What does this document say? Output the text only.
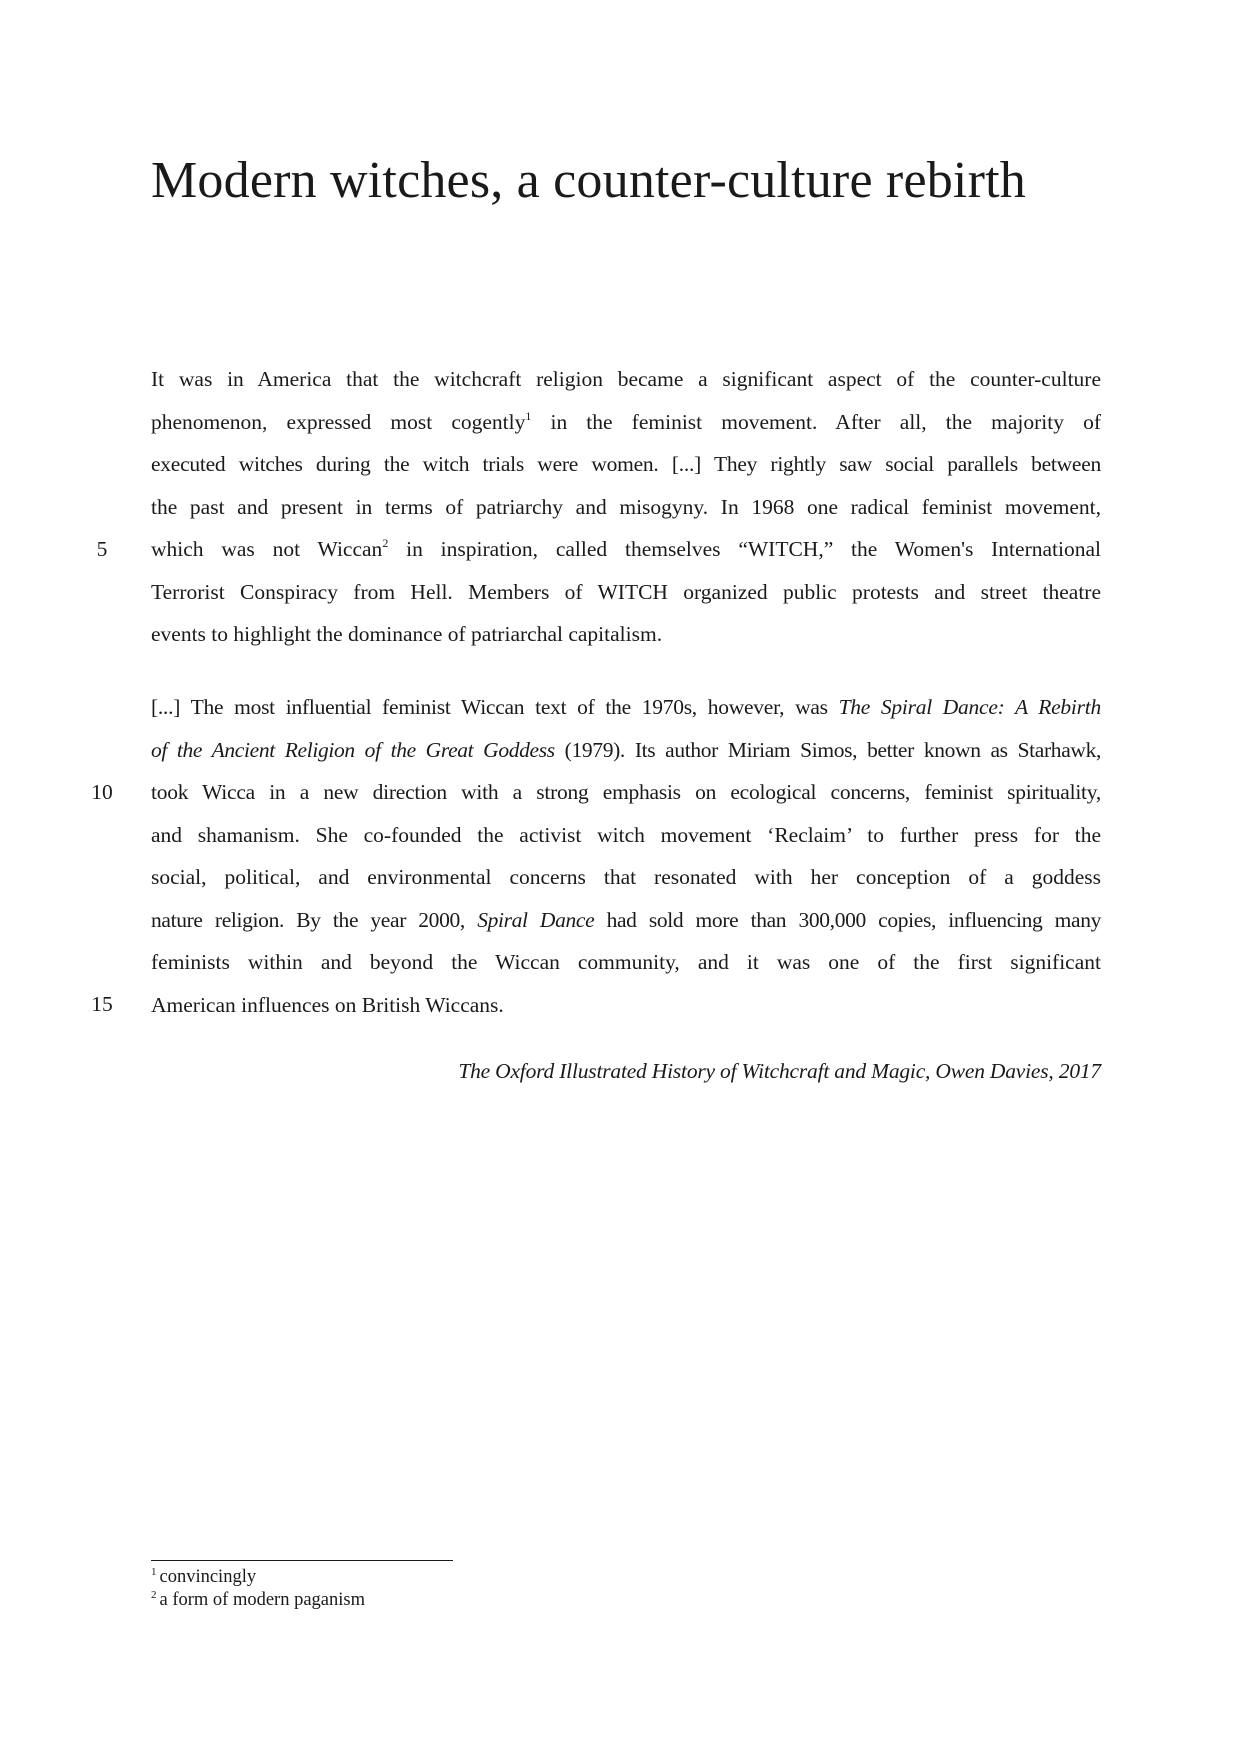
Modern witches, a counter-culture rebirth
It was in America that the witchcraft religion became a significant aspect of the counter-culture
phenomenon, expressed most cogently$^1$ in the feminist movement. After all, the majority of
executed witches during the witch trials were women. [...] They rightly saw social parallels between
the past and present in terms of patriarchy and misogyny. In 1968 one radical feminist movement,
which was not Wiccan$^2$ in inspiration, called themselves “WITCH,” the Women's International
Terrorist Conspiracy from Hell. Members of WITCH organized public protests and street theatre
events to highlight the dominance of patriarchal capitalism.
[...] The most influential feminist Wiccan text of the 1970s, however, was The Spiral Dance: A Rebirth
of the Ancient Religion of the Great Goddess (1979). Its author Miriam Simos, better known as Starhawk,
took Wicca in a new direction with a strong emphasis on ecological concerns, feminist spirituality,
and shamanism. She co-founded the activist witch movement ‘Reclaim’ to further press for the
social, political, and environmental concerns that resonated with her conception of a goddess
nature religion. By the year 2000, Spiral Dance had sold more than 300,000 copies, influencing many
feminists within and beyond the Wiccan community, and it was one of the first significant
American influences on British Wiccans.
5
10
15
The Oxford Illustrated History of Witchcraft and Magic, Owen Davies, 2017
$^1$ convincingly
$^2$ a form of modern paganism
